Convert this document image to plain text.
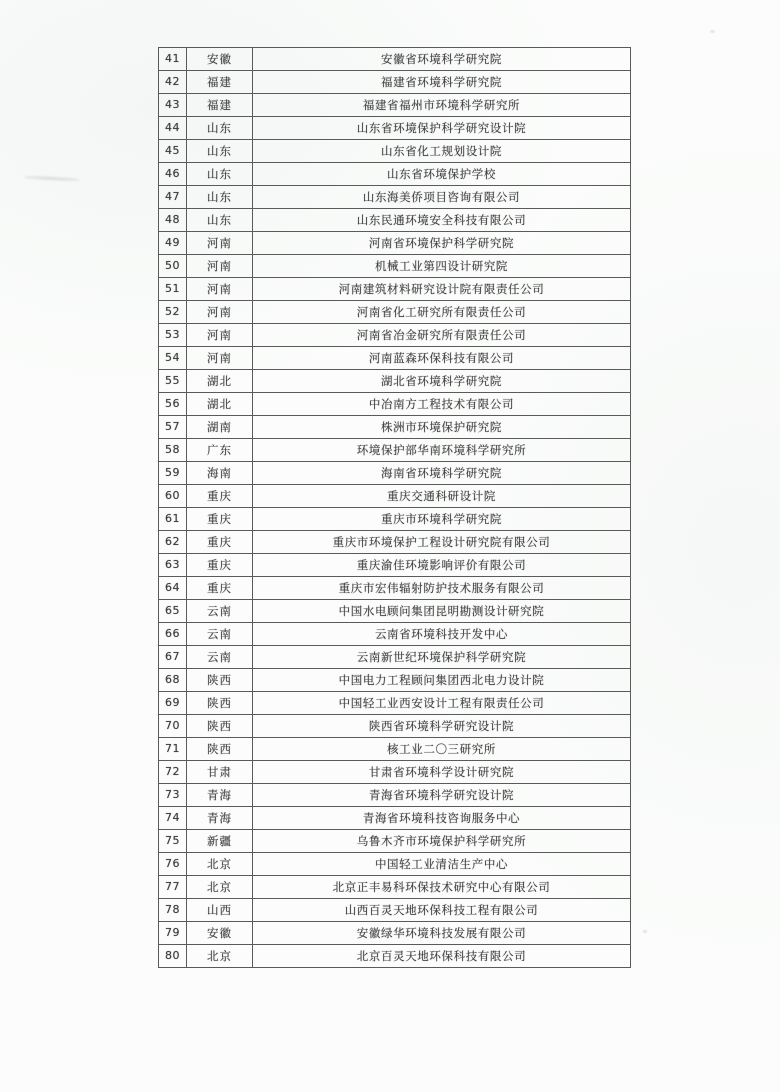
41	安徽	安徽省环境科学研究院
42	福建	福建省环境科学研究院
43	福建	福建省福州市环境科学研究所
44	山东	山东省环境保护科学研究设计院
45	山东	山东省化工规划设计院
46	山东	山东省环境保护学校
47	山东	山东海美侨项目咨询有限公司
48	山东	山东民通环境安全科技有限公司
49	河南	河南省环境保护科学研究院
50	河南	机械工业第四设计研究院
51	河南	河南建筑材料研究设计院有限责任公司
52	河南	河南省化工研究所有限责任公司
53	河南	河南省冶金研究所有限责任公司
54	河南	河南蓝森环保科技有限公司
55	湖北	湖北省环境科学研究院
56	湖北	中冶南方工程技术有限公司
57	湖南	株洲市环境保护研究院
58	广东	环境保护部华南环境科学研究所
59	海南	海南省环境科学研究院
60	重庆	重庆交通科研设计院
61	重庆	重庆市环境科学研究院
62	重庆	重庆市环境保护工程设计研究院有限公司
63	重庆	重庆渝佳环境影响评价有限公司
64	重庆	重庆市宏伟辐射防护技术服务有限公司
65	云南	中国水电顾问集团昆明勘测设计研究院
66	云南	云南省环境科技开发中心
67	云南	云南新世纪环境保护科学研究院
68	陕西	中国电力工程顾问集团西北电力设计院
69	陕西	中国轻工业西安设计工程有限责任公司
70	陕西	陕西省环境科学研究设计院
71	陕西	核工业二〇三研究所
72	甘肃	甘肃省环境科学设计研究院
73	青海	青海省环境科学研究设计院
74	青海	青海省环境科技咨询服务中心
75	新疆	乌鲁木齐市环境保护科学研究所
76	北京	中国轻工业清洁生产中心
77	北京	北京正丰易科环保技术研究中心有限公司
78	山西	山西百灵天地环保科技工程有限公司
79	安徽	安徽绿华环境科技发展有限公司
80	北京	北京百灵天地环保科技有限公司
